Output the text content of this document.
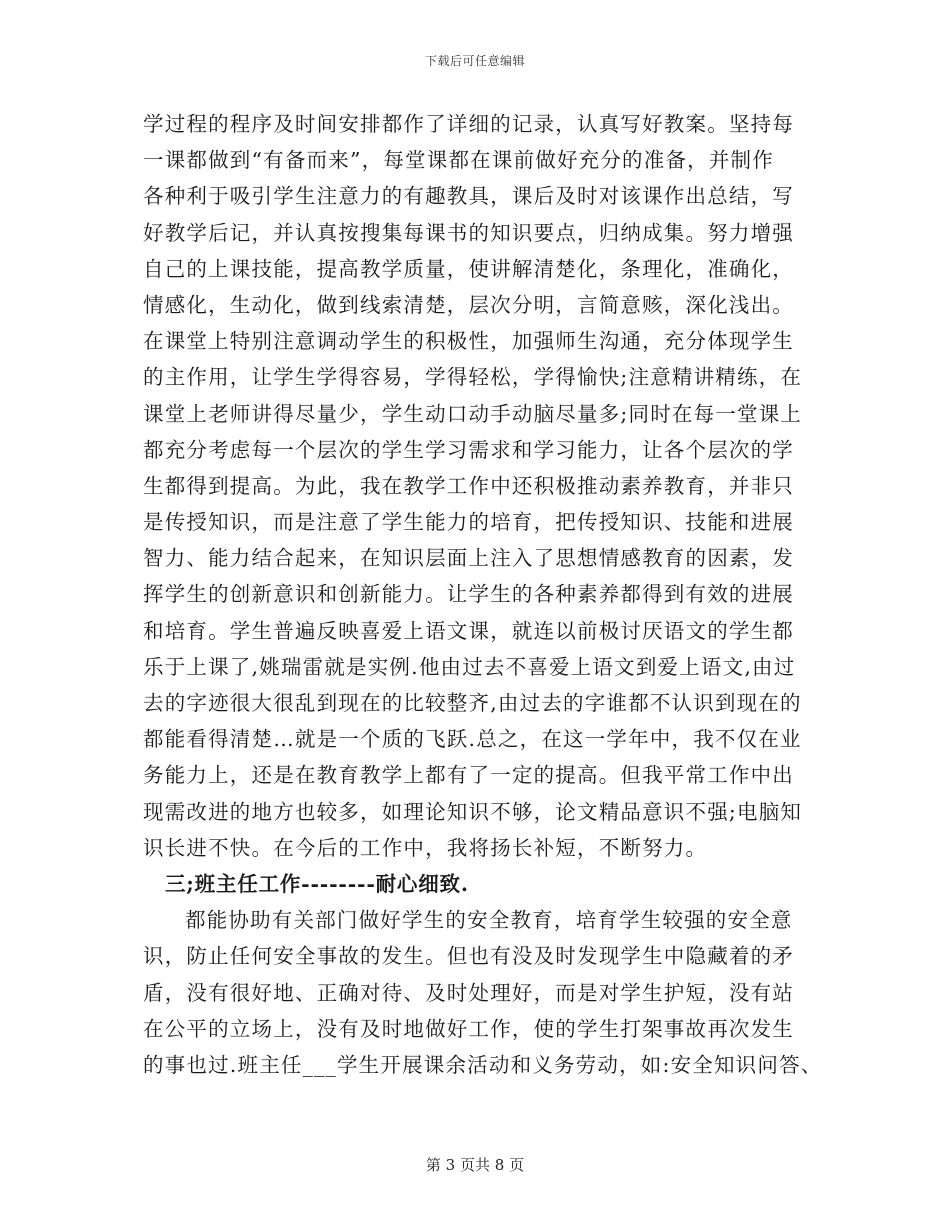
下载后可任意编辑
学过程的程序及时间安排都作了详细的记录，认真写好教案。坚持每
一课都做到“有备而来”，每堂课都在课前做好充分的准备，并制作
各种利于吸引学生注意力的有趣教具，课后及时对该课作出总结，写
好教学后记，并认真按搜集每课书的知识要点，归纳成集。努力增强
自己的上课技能，提高教学质量，使讲解清楚化，条理化，准确化，
情感化，生动化，做到线索清楚，层次分明，言简意赅，深化浅出。
在课堂上特别注意调动学生的积极性，加强师生沟通，充分体现学生
的主作用，让学生学得容易，学得轻松，学得愉快;注意精讲精练，在
课堂上老师讲得尽量少，学生动口动手动脑尽量多;同时在每一堂课上
都充分考虑每一个层次的学生学习需求和学习能力，让各个层次的学
生都得到提高。为此，我在教学工作中还积极推动素养教育，并非只
是传授知识，而是注意了学生能力的培育，把传授知识、技能和进展
智力、能力结合起来，在知识层面上注入了思想情感教育的因素，发
挥学生的创新意识和创新能力。让学生的各种素养都得到有效的进展
和培育。学生普遍反映喜爱上语文课，就连以前极讨厌语文的学生都
乐于上课了,姚瑞雷就是实例.他由过去不喜爱上语文到爱上语文,由过
去的字迹很大很乱到现在的比较整齐,由过去的字谁都不认识到现在的
都能看得清楚…就是一个质的飞跃.总之，在这一学年中，我不仅在业
务能力上，还是在教育教学上都有了一定的提高。但我平常工作中出
现需改进的地方也较多，如理论知识不够，论文精品意识不强;电脑知
识长进不快。在今后的工作中，我将扬长补短，不断努力。
三;班主任工作--------耐心细致.
都能协助有关部门做好学生的安全教育，培育学生较强的安全意
识，防止任何安全事故的发生。但也有没及时发现学生中隐藏着的矛
盾，没有很好地、正确对待、及时处理好，而是对学生护短，没有站
在公平的立场上，没有及时地做好工作，使的学生打架事故再次发生
的事也过.班主任___学生开展课余活动和义务劳动，如:安全知识问答、
第 3 页共 8 页
